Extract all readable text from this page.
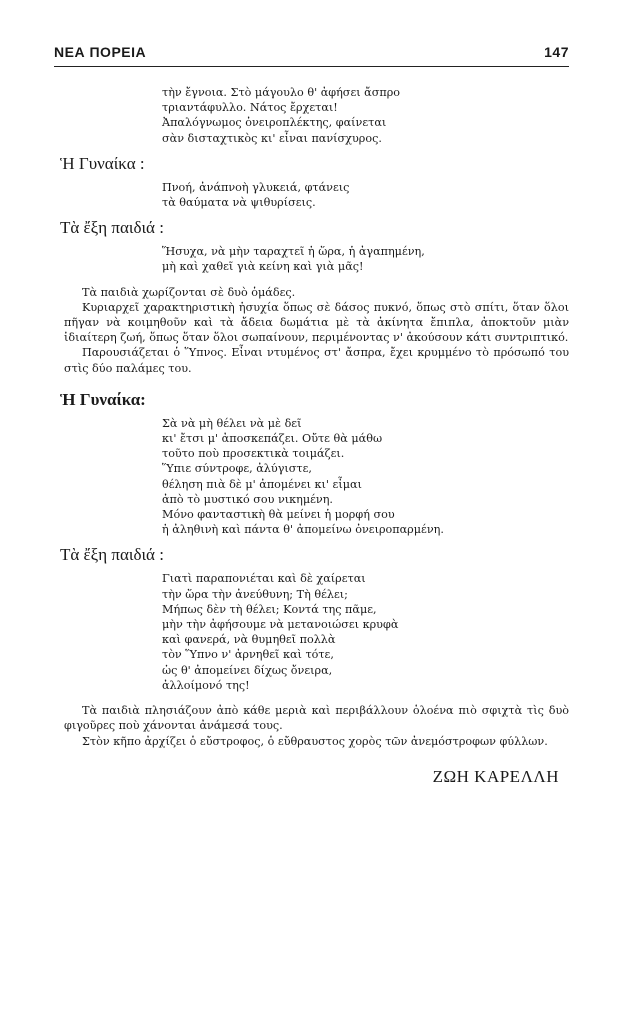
ΝΕΑ ΠΟΡΕΙΑ	147
τὴν ἔγνοια. Στὸ μάγουλο θ' ἀφήσει ἄσπρο
τριαντάφυλλο. Νάτος ἔρχεται!
Ἀπαλόγνωμος ὀνειροπλέκτης, φαίνεται
σὰν δισταχτικὸς κι' εἶναι πανίσχυρος.
Ἡ Γυναίκα :
Πνοή, ἀνάπνοὴ γλυκειά, φτάνεις
τὰ θαύματα νὰ ψιθυρίσεις.
Τὰ ἔξη παιδιά :
Ἥσυχα, νὰ μὴν ταραχτεῖ ἡ ὥρα, ἡ ἀγαπημένη,
μὴ καὶ χαθεῖ γιὰ κείνη καὶ γιὰ μᾶς!

Τὰ παιδιὰ χωρίζονται σὲ δυὸ ὁμάδες.

Κυριαρχεῖ χαρακτηριστικὴ ἡσυχία ὅπως σὲ δάσος πυκνό, ὅπως στὸ σπίτι, ὅταν ὅλοι πῆγαν νὰ κοιμηθοῦν καὶ τὰ ἄδεια δωμάτια μὲ τὰ ἀκίνητα ἔπιπλα, ἀποκτοῦν μιὰν ἰδιαίτερη ζωή, ὅπως ὅταν ὅλοι σωπαίνουν, περιμένοντας ν' ἀκούσουν κάτι συντριπτικό.

Παρουσιάζεται ὁ Ὕπνος. Εἶναι ντυμένος στ' ἄσπρα, ἔχει κρυμμένο τὸ πρόσωπό του στὶς δύο παλάμες του.

Ἡ Γυναίκα:
Σὰ νὰ μὴ θέλει νὰ μὲ δεῖ
κι' ἔτσι μ' ἀποσκεπάζει. Οὔτε θὰ μάθω
τοῦτο ποὺ προσεκτικὰ τοιμάζει.
Ὕπιε σύντροφε, ἀλύγιστε,
θέληση πιὰ δὲ μ' ἀπομένει κι' εἶμαι
ἀπὸ τὸ μυστικό σου νικημένη.
Μόνο φανταστικὴ θὰ μείνει ἡ μορφή σου
ἡ ἀληθινὴ καὶ πάντα θ' ἀπομείνω ὀνειροπαρμένη.
Τὰ ἔξη παιδιά :
Γιατὶ παραπονιέται καὶ δὲ χαίρεται
τὴν ὥρα τὴν ἀνεύθυνη; Τὴ θέλει;
Μήπως δὲν τὴ θέλει; Κοντά της πᾶμε,
μὴν τὴν ἀφήσουμε νὰ μετανοιώσει κρυφὰ
καὶ φανερά, νὰ θυμηθεῖ πολλὰ
τὸν Ὕπνο ν' ἀρνηθεῖ καὶ τότε,
ὡς θ' ἀπομείνει δίχως ὄνειρα,
ἀλλοίμονό της!

Τὰ παιδιὰ πλησιάζουν ἀπὸ κάθε μεριὰ καὶ περιβάλλουν ὁλοένα πιὸ σφιχτὰ τὶς δυὸ φιγοῦρες ποὺ χάνονται ἀνάμεσά τους.

Στὸν κῆπο ἀρχίζει ὁ εὔστροφος, ὁ εὔθραυστος χορὸς τῶν ἀνεμόστροφων φύλλων.

ΖΩΗ ΚΑΡΕΛΛΗ
